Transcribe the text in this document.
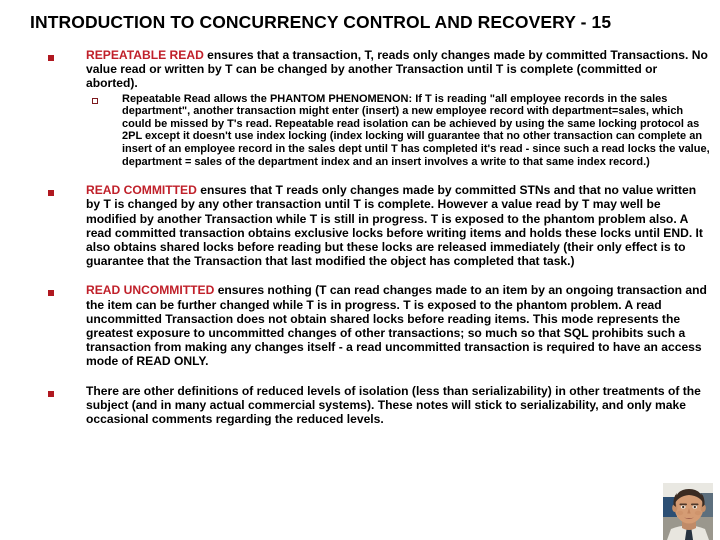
INTRODUCTION TO CONCURRENCY CONTROL AND RECOVERY - 15
REPEATABLE READ ensures that a transaction, T, reads only changes made by committed Transactions. No value read or written by T can be changed by another Transaction until T is complete (committed or aborted).
Repeatable Read allows the PHANTOM PHENOMENON: If T is reading "all employee records in the sales department", another transaction might enter (insert) a new employee record with department=sales, which could be missed by T's read. Repeatable read isolation can be achieved by using the same locking protocol as 2PL except it doesn't use index locking (index locking will guarantee that no other transaction can complete an insert of an employee record in the sales dept until T has completed it's read - since such a read locks the value, department = sales of the department index and an insert involves a write to that same index record.)
READ COMMITTED ensures that T reads only changes made by committed STNs and that no value written by T is changed by any other transaction until T is complete. However a value read by T may well be modified by another Transaction while T is still in progress. T is exposed to the phantom problem also. A read committed transaction obtains exclusive locks before writing items and holds these locks until END. It also obtains shared locks before reading but these locks are released immediately (their only effect is to guarantee that the Transaction that last modified the object has completed that task.)
READ UNCOMMITTED ensures nothing (T can read changes made to an item by an ongoing transaction and the item can be further changed while T is in progress. T is exposed to the phantom problem. A read uncommitted Transaction does not obtain shared locks before reading items. This mode represents the greatest exposure to uncommitted changes of other transactions; so much so that SQL prohibits such a transaction from making any changes itself - a read uncommitted transaction is required to have an access mode of READ ONLY.
There are other definitions of reduced levels of isolation (less than serializability) in other treatments of the subject (and in many actual commercial systems). These notes will stick to serializability, and only make occasional comments regarding the reduced levels.
